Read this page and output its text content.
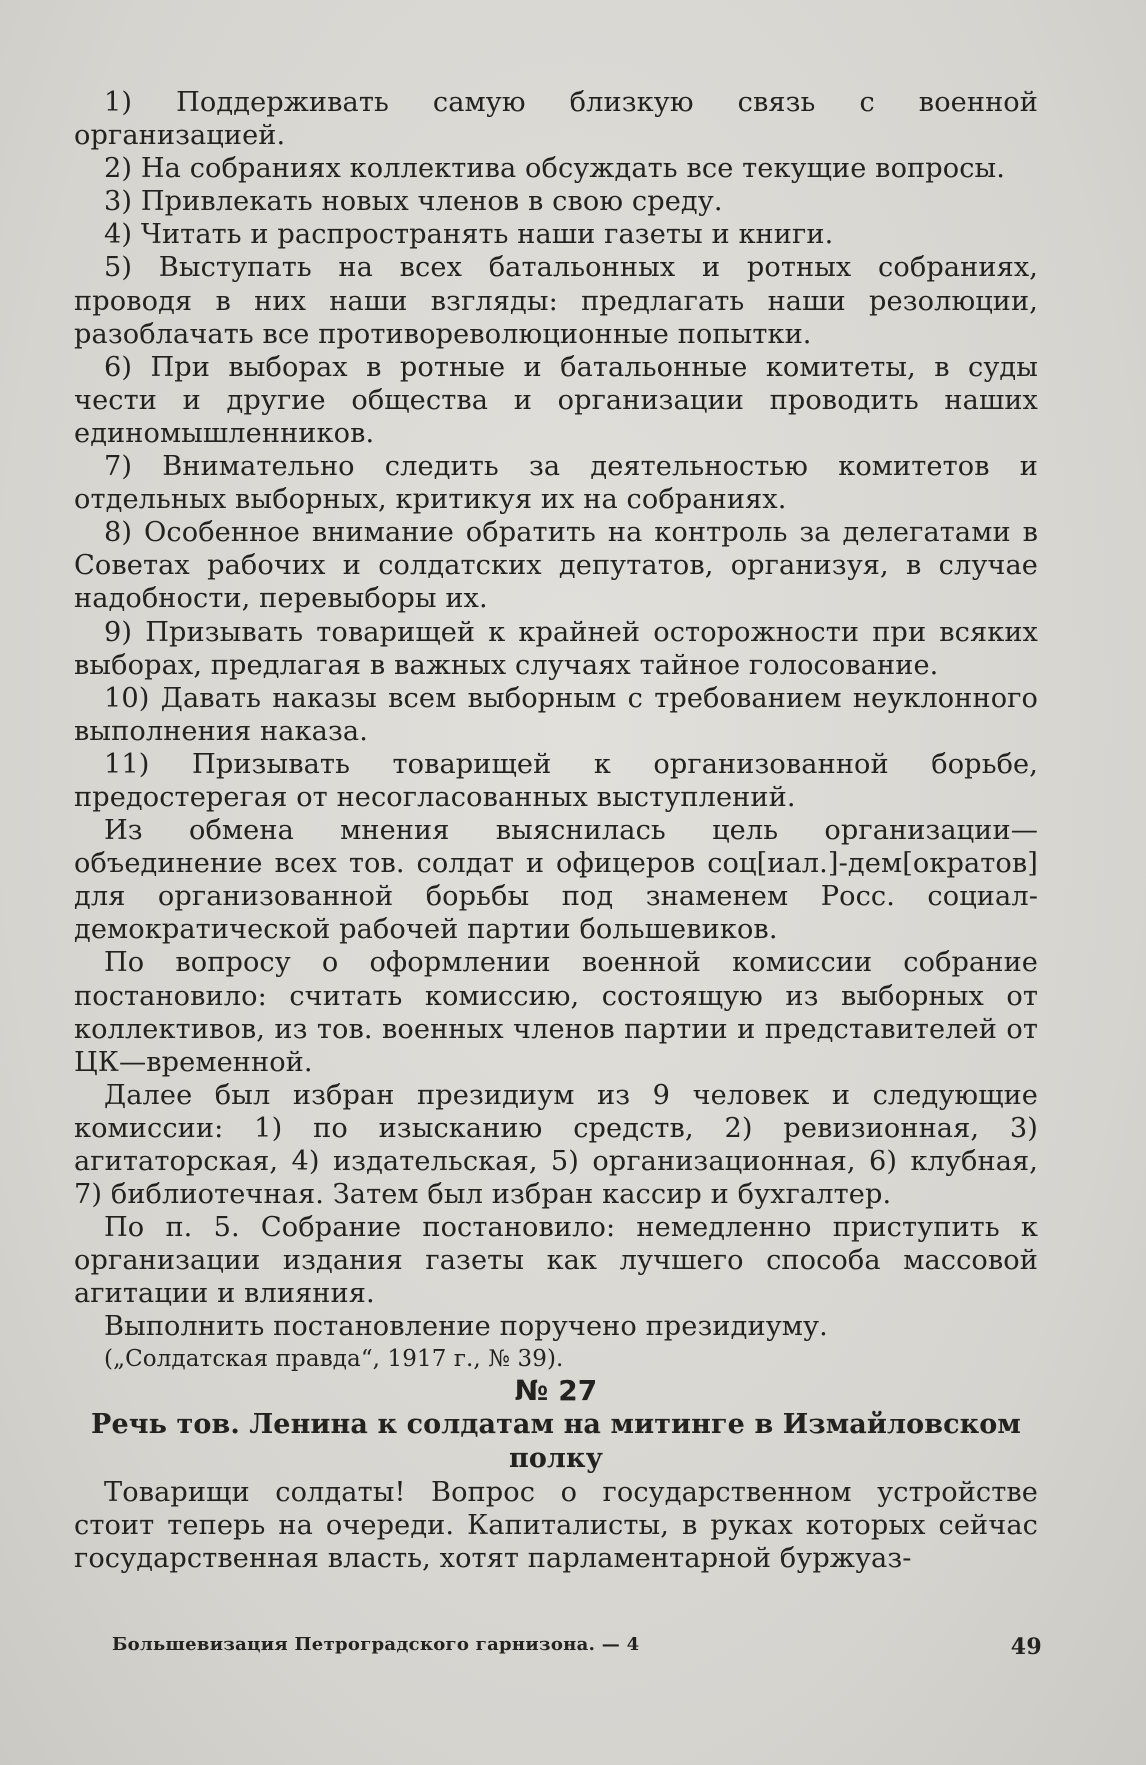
1) Поддерживать самую близкую связь с военной организацией.

2) На собраниях коллектива обсуждать все текущие вопросы.

3) Привлекать новых членов в свою среду.

4) Читать и распространять наши газеты и книги.

5) Выступать на всех батальонных и ротных собраниях, проводя в них наши взгляды: предлагать наши резолюции, разоблачать все противореволюционные попытки.

6) При выборах в ротные и батальонные комитеты, в суды чести и другие общества и организации проводить наших единомышленников.

7) Внимательно следить за деятельностью комитетов и отдельных выборных, критикуя их на собраниях.

8) Особенное внимание обратить на контроль за делегатами в Советах рабочих и солдатских депутатов, организуя, в случае надобности, перевыборы их.

9) Призывать товарищей к крайней осторожности при всяких выборах, предлагая в важных случаях тайное голосование.

10) Давать наказы всем выборным с требованием неуклонного выполнения наказа.

11) Призывать товарищей к организованной борьбе, предостерегая от несогласованных выступлений.

Из обмена мнения выяснилась цель организации—объединение всех тов. солдат и офицеров соц[иал.]-дем[ократов] для организованной борьбы под знаменем Росс. социал-демократической рабочей партии большевиков.

По вопросу о оформлении военной комиссии собрание постановило: считать комиссию, состоящую из выборных от коллективов, из тов. военных членов партии и представителей от ЦК—временной.

Далее был избран президиум из 9 человек и следующие комиссии: 1) по изысканию средств, 2) ревизионная, 3) агитаторская, 4) издательская, 5) организационная, 6) клубная, 7) библиотечная. Затем был избран кассир и бухгалтер.

По п. 5. Собрание постановило: немедленно приступить к организации издания газеты как лучшего способа массовой агитации и влияния.

Выполнить постановление поручено президиуму.

(„Солдатская правда“, 1917 г., № 39).

№ 27

Речь тов. Ленина к солдатам на митинге в Измайловском полку

Товарищи солдаты! Вопрос о государственном устройстве стоит теперь на очереди. Капиталисты, в руках которых сейчас государственная власть, хотят парламентарной буржуаз-

Большевизация Петроградского гарнизона. — 4	49
